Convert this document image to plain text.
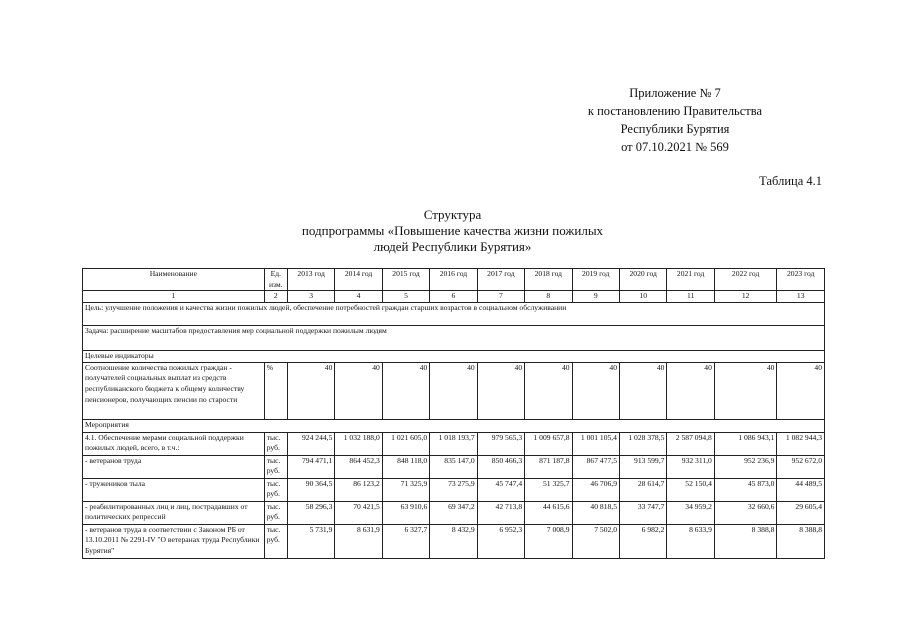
Приложение № 7
к постановлению Правительства
Республики Бурятия
от 07.10.2021 № 569
Таблица 4.1
Структура
подпрограммы «Повышение качества жизни пожилых
людей Республики Бурятия»
Наименование	Ед. изм.	2013 год	2014 год	2015 год	2016 год	2017 год	2018 год	2019 год	2020 год	2021 год	2022 год	2023 год
1	2	3	4	5	6	7	8	9	10	11	12	13
Цель: улучшение положения и качества жизни пожилых людей, обеспечение потребностей граждан старших возрастов в социальном обслуживании												
Задача: расширение масштабов предоставления мер социальной поддержки пожилым людям												
Целевые индикаторы												
Соотношение количества пожилых граждан - получателей социальных выплат из средств республиканского бюджета к общему количеству пенсионеров, получающих пенсии по старости	%	40	40	40	40	40	40	40	40	40	40	40
Мероприятия												
4.1. Обеспечение мерами социальной поддержки пожилых людей, всего, в т.ч.:	тыс. руб.	924 244,5	1 032 188,0	1 021 605,0	1 018 193,7	979 565,3	1 009 657,8	1 001 105,4	1 028 378,5	2 587 094,8	1 086 943,1	1 082 944,3
- ветеранов труда	тыс. руб.	794 471,1	864 452,3	848 118,0	835 147,0	850 466,3	871 187,8	867 477,5	913 599,7	932 311,0	952 236,9	952 672,0
- тружеников тыла	тыс. руб.	90 364,5	86 123,2	71 325,9	73 275,9	45 747,4	51 325,7	46 706,9	28 614,7	52 150,4	45 873,0	44 489,5
- реабилитированных лиц и лиц, пострадавших от политических репрессий	тыс. руб.	58 296,3	70 421,5	63 910,6	69 347,2	42 713,8	44 615,6	40 818,5	33 747,7	34 959,2	32 660,6	29 605,4
- ветеранов труда в соответствии с Законом РБ от 13.10.2011 № 2291-IV "О ветеранах труда Республики Бурятия"	тыс. руб.	5 731,9	8 631,9	6 327,7	8 432,9	6 952,3	7 008,9	7 502,0	6 982,2	8 633,9	8 388,8	8 388,8
